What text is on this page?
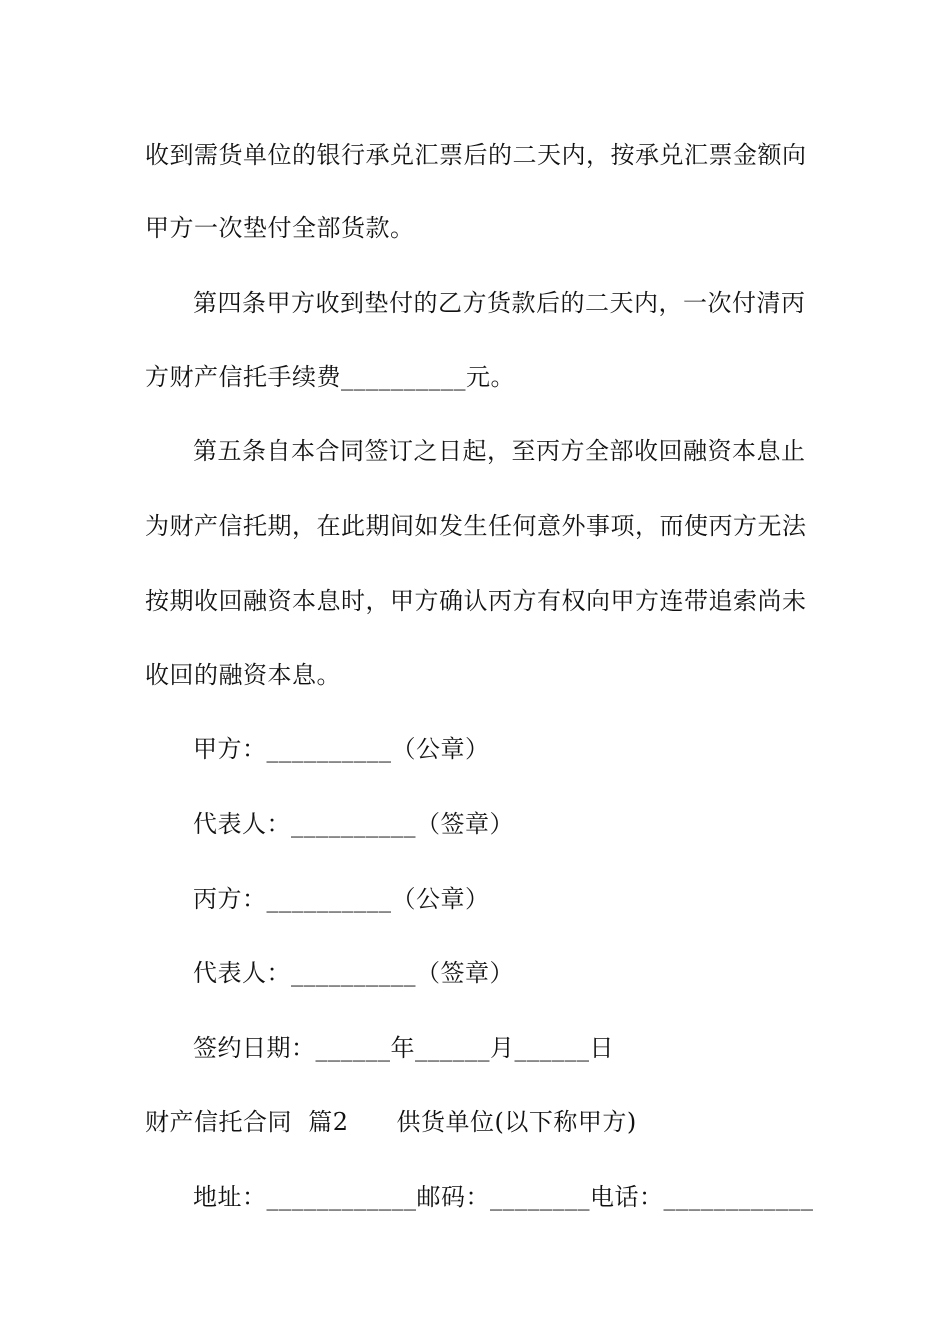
收到需货单位的银行承兑汇票后的二天内，按承兑汇票金额向
甲方一次垫付全部货款。
第四条甲方收到垫付的乙方货款后的二天内，一次付清丙
方财产信托手续费__________元。
第五条自本合同签订之日起，至丙方全部收回融资本息止
为财产信托期，在此期间如发生任何意外事项，而使丙方无法
按期收回融资本息时，甲方确认丙方有权向甲方连带追索尚未
收回的融资本息。
甲方：__________（公章）
代表人：__________（签章）
丙方：__________（公章）
代表人：__________（签章）
签约日期：______年______月______日
财产信托合同  篇2 供货单位(以下称甲方)
地址：____________邮码：________电话：____________
